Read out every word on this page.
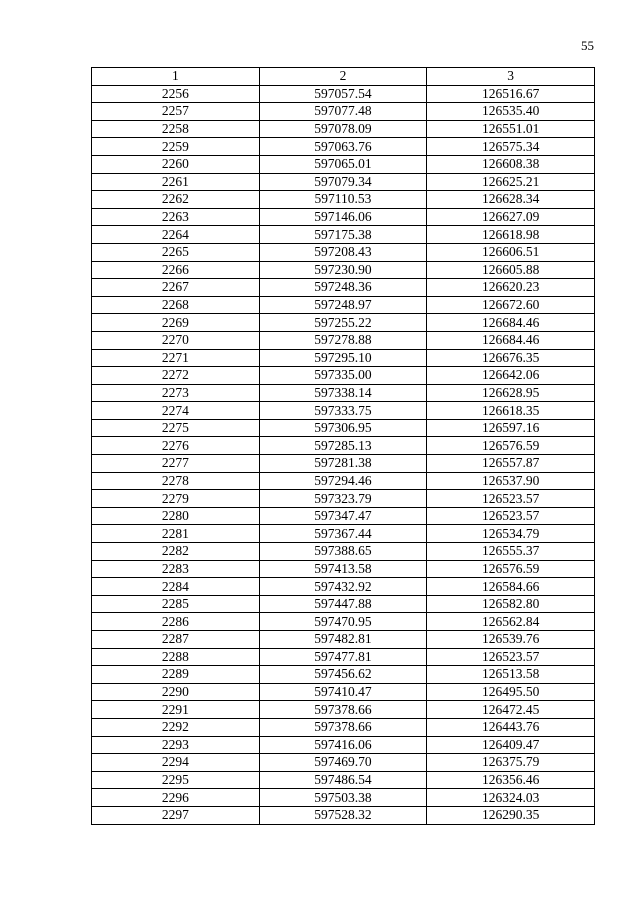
55
1	2	3
2256	597057.54	126516.67
2257	597077.48	126535.40
2258	597078.09	126551.01
2259	597063.76	126575.34
2260	597065.01	126608.38
2261	597079.34	126625.21
2262	597110.53	126628.34
2263	597146.06	126627.09
2264	597175.38	126618.98
2265	597208.43	126606.51
2266	597230.90	126605.88
2267	597248.36	126620.23
2268	597248.97	126672.60
2269	597255.22	126684.46
2270	597278.88	126684.46
2271	597295.10	126676.35
2272	597335.00	126642.06
2273	597338.14	126628.95
2274	597333.75	126618.35
2275	597306.95	126597.16
2276	597285.13	126576.59
2277	597281.38	126557.87
2278	597294.46	126537.90
2279	597323.79	126523.57
2280	597347.47	126523.57
2281	597367.44	126534.79
2282	597388.65	126555.37
2283	597413.58	126576.59
2284	597432.92	126584.66
2285	597447.88	126582.80
2286	597470.95	126562.84
2287	597482.81	126539.76
2288	597477.81	126523.57
2289	597456.62	126513.58
2290	597410.47	126495.50
2291	597378.66	126472.45
2292	597378.66	126443.76
2293	597416.06	126409.47
2294	597469.70	126375.79
2295	597486.54	126356.46
2296	597503.38	126324.03
2297	597528.32	126290.35
